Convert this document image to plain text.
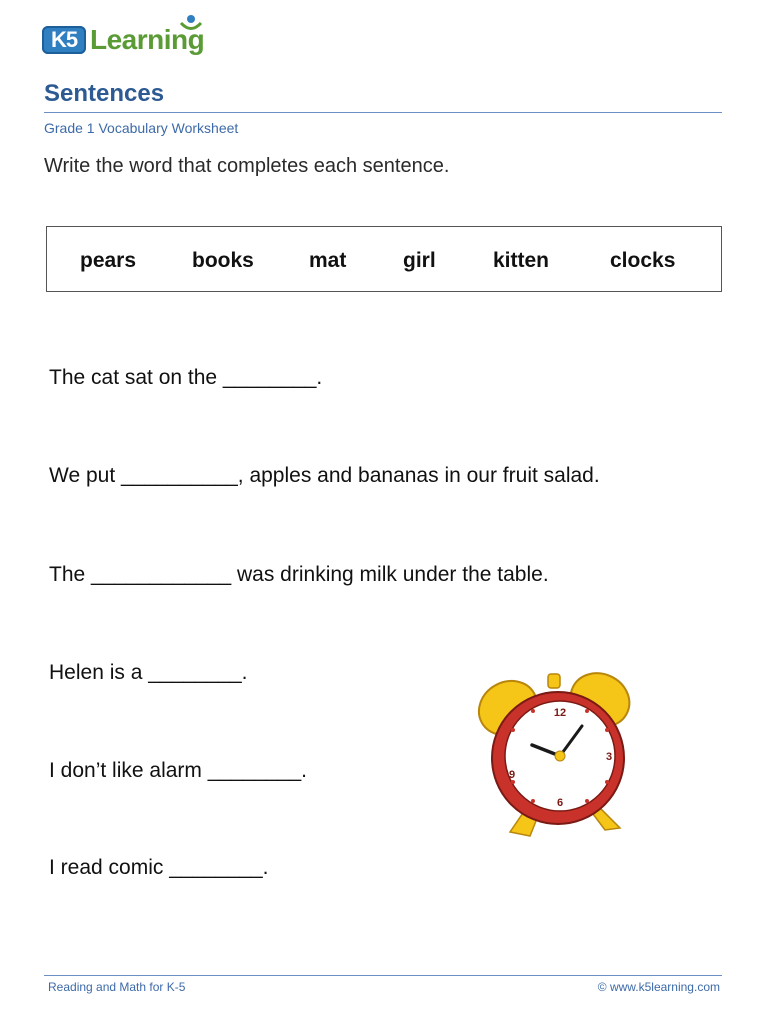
K5 Learning
Sentences
Grade 1 Vocabulary Worksheet
Write the word that completes each sentence.
pears	books	mat	girl	kitten	clocks
The cat sat on the ________.
We put __________, apples and bananas in our fruit salad.
The ____________ was drinking milk under the table.
Helen is a ________.
I don’t like alarm ________.
I read comic ________.
12
3
6
9
Reading and Math for K-5	© www.k5learning.com
